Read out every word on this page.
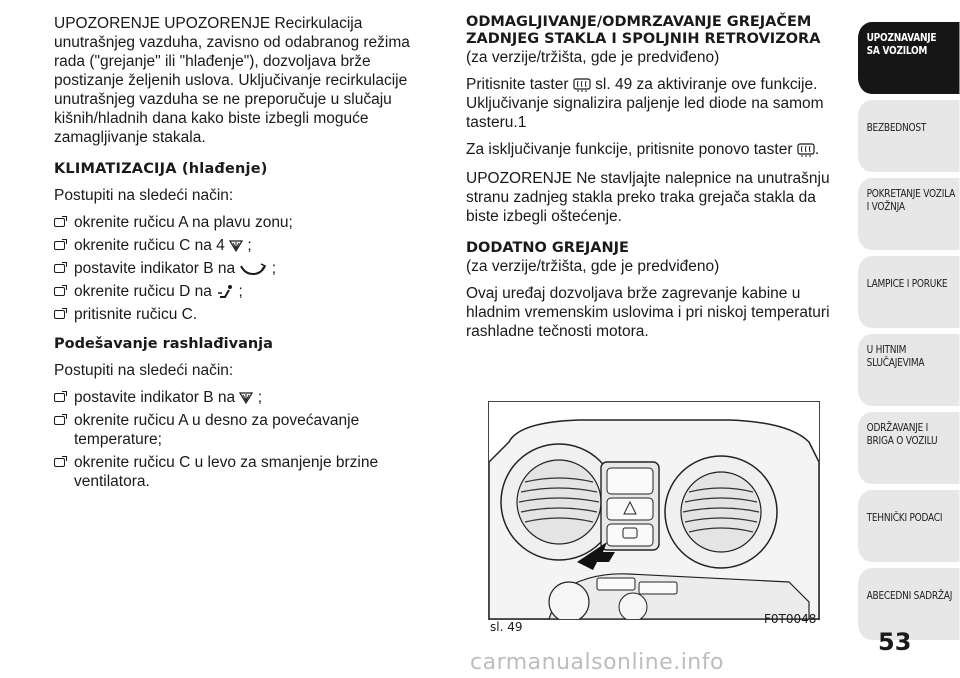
UPOZORENJE UPOZORENJE Recirkulacija unutrašnjeg vazduha, zavisno od odabranog režima rada ("grejanje" ili "hlađenje"), dozvoljava brže postizanje željenih uslova. Uključivanje recirkulacije unutrašnjeg vazduha se ne preporučuje u slučaju kišnih/hladnih dana kako biste izbegli moguće zamagljivanje stakala.

KLIMATIZACIJA (hlađenje)

Postupiti na sledeći način:

okrenite ručicu A na plavu zonu;
okrenite ručicu C na 4 ;
postavite indikator B na ;
okrenite ručicu D na ;
pritisnite ručicu C.
Podešavanje rashlađivanja

Postupiti na sledeći način:

postavite indikator B na ;
okrenite ručicu A u desno za povećavanje temperature;
okrenite ručicu C u levo za smanjenje brzine ventilatora.
ODMAGLJIVANJE/ODMRZAVANJE GREJAČEM ZADNJEG STAKLA I SPOLJNIH RETROVIZORA

(za verzije/tržišta, gde je predviđeno)

Pritisnite taster sl. 49 za aktiviranje ove funkcije. Uključivanje signalizira paljenje led diode na samom tasteru.1

Za isključivanje funkcije, pritisnite ponovo taster .

UPOZORENJE Ne stavljajte nalepnice na unutrašnju stranu zadnjeg stakla preko traka grejača stakla da biste izbegli oštećenje.

DODATNO GREJANJE

(za verzije/tržišta, gde je predviđeno)

Ovaj uređaj dozvoljava brže zagrevanje kabine u hladnim vremenskim uslovima i pri niskoj temperaturi rashladne tečnosti motora.

sl. 49
F0T0048
UPOZNAVANJE
SA VOZILOM
BEZBEDNOST
POKRETANJE VOZILA
I VOŽNJA
LAMPICE I PORUKE
U HITNIM
SLUČAJEVIMA
ODRŽAVANJE I
BRIGA O VOZILU
TEHNIČKI PODACI
ABECEDNI SADRŽAJ
53
carmanualsonline.info
